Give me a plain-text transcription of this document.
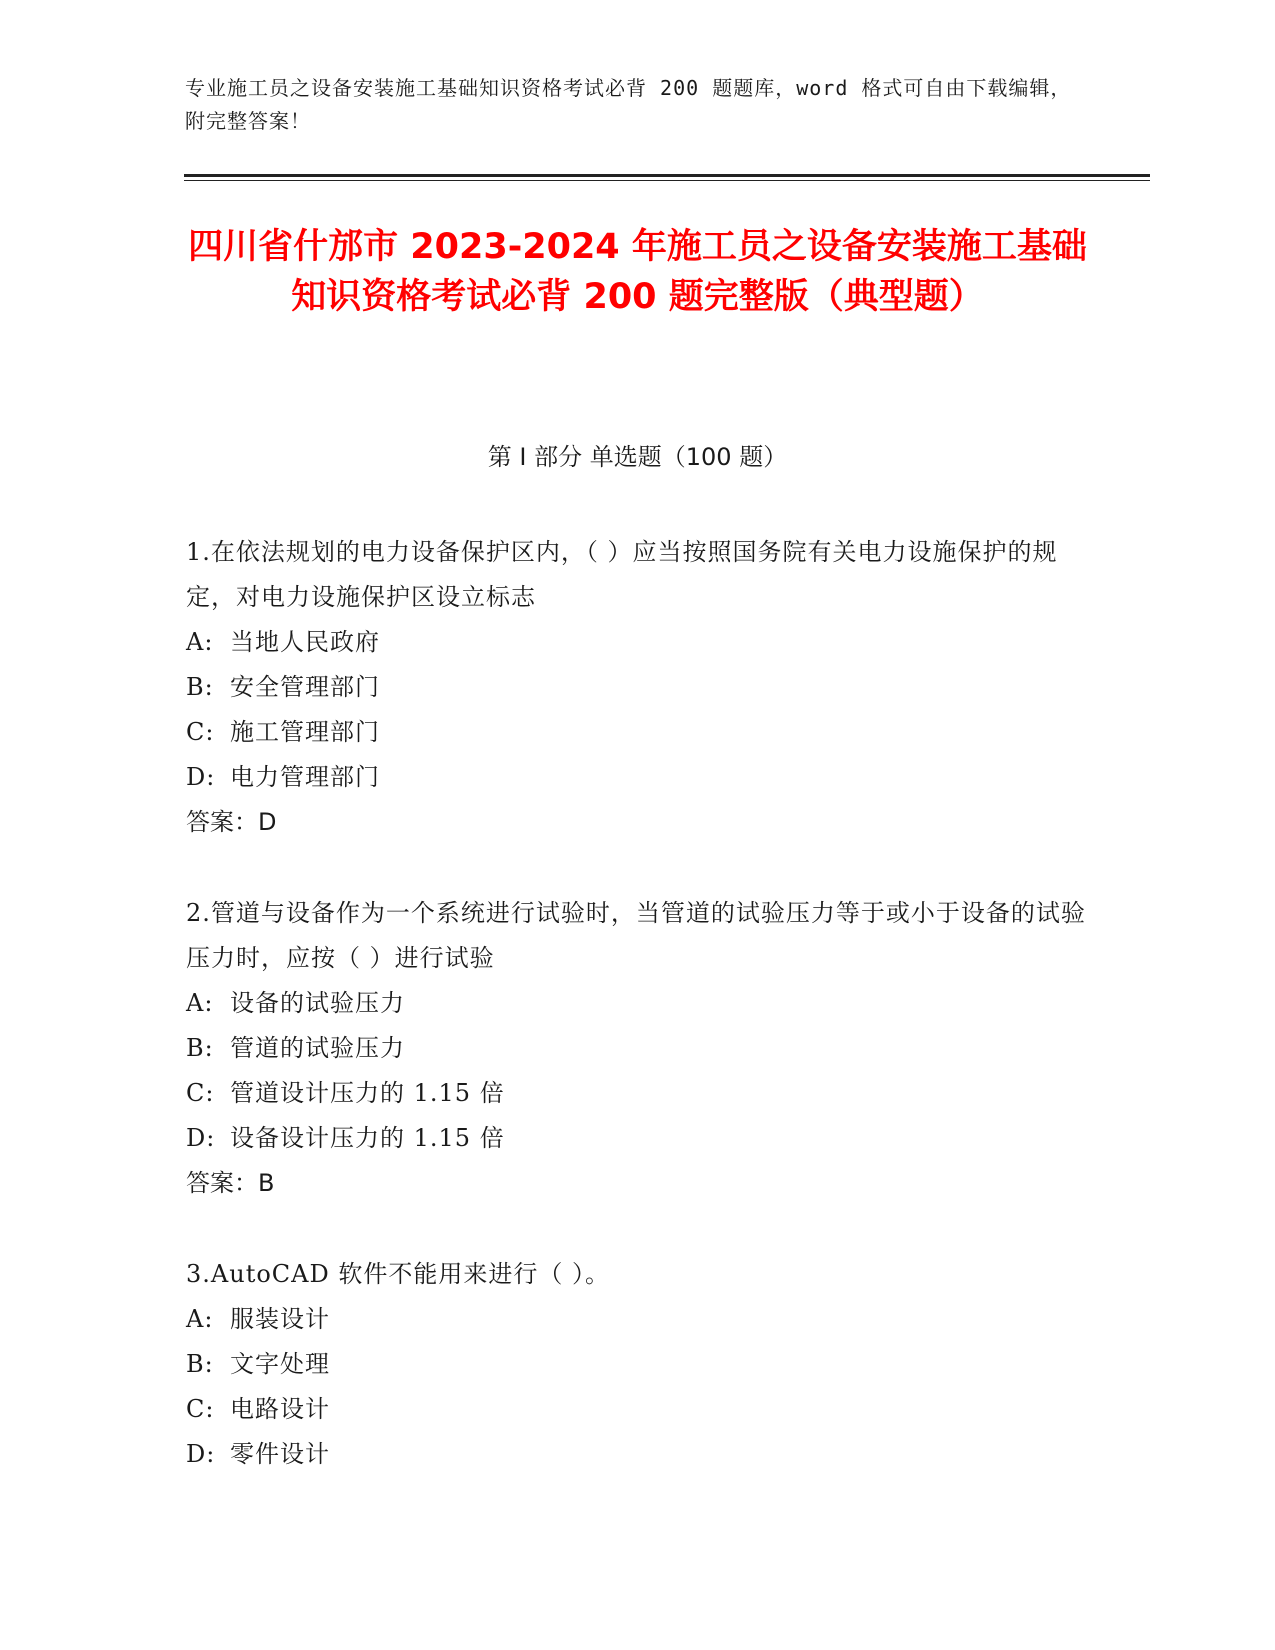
专业施工员之设备安装施工基础知识资格考试必背 200 题题库，word 格式可自由下载编辑，附完整答案！
四川省什邡市 2023-2024 年施工员之设备安装施工基础知识资格考试必背 200 题完整版（典型题）
第 I 部分 单选题（100 题）
1.在依法规划的电力设备保护区内，（ ）应当按照国务院有关电力设施保护的规定，对电力设施保护区设立标志
A: 当地人民政府
B: 安全管理部门
C: 施工管理部门
D: 电力管理部门
答案：D
2.管道与设备作为一个系统进行试验时，当管道的试验压力等于或小于设备的试验压力时，应按（ ）进行试验
A: 设备的试验压力
B: 管道的试验压力
C: 管道设计压力的 1.15 倍
D: 设备设计压力的 1.15 倍
答案：B
3.AutoCAD 软件不能用来进行（ ）。
A: 服装设计
B: 文字处理
C: 电路设计
D: 零件设计
